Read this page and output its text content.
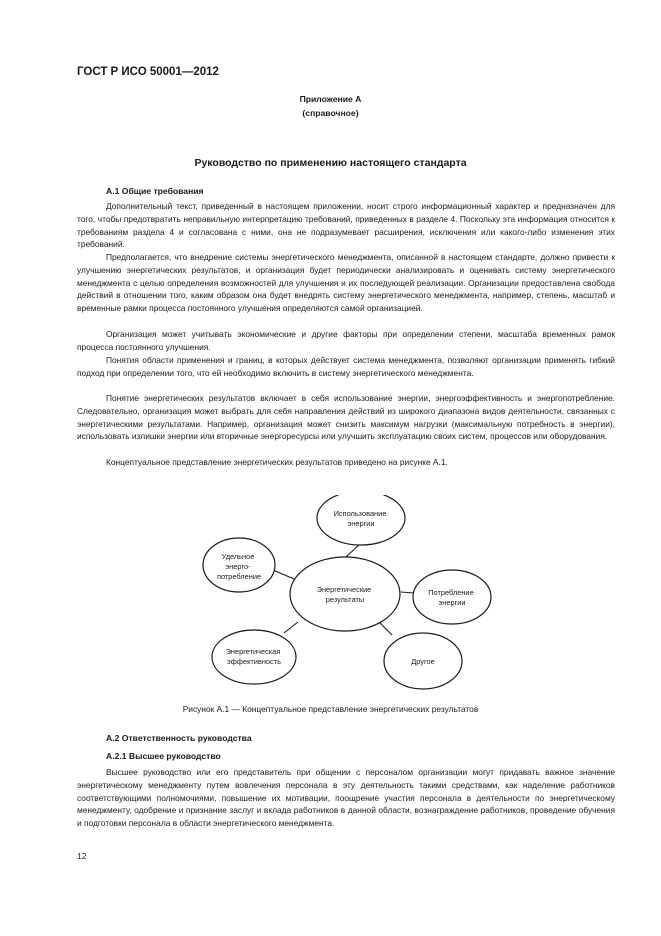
ГОСТ Р ИСО 50001—2012
Приложение А
(справочное)
Руководство по применению настоящего стандарта
А.1 Общие требования

Дополнительный текст, приведенный в настоящем приложении, носит строго информационный характер и предназначен для того, чтобы предотвратить неправильную интерпретацию требований, приведенных в разделе 4. Поскольку эта информация относится к требованиям раздела 4 и согласована с ними, она не подразумевает расширения, исключения или какого-либо изменения этих требований.

Предполагается, что внедрение системы энергетического менеджмента, описанной в настоящем стандарте, должно привести к улучшению энергетических результатов, и организация будет периодически анализировать и оценивать систему энергетического менеджмента с целью определения возможностей для улучшения и их последующей реализации. Организации предоставлена свобода действий в отношении того, каким образом она будет внедрять систему энергетического менеджмента, например, степень, масштаб и временные рамки процесса постоянного улучшения определяются самой организацией.

Организация может учитывать экономические и другие факторы при определении степени, масштаба временных рамок процесса постоянного улучшения.

Понятия области применения и границ, в которых действует система менеджмента, позволяют организации применять гибкий подход при определении того, что ей необходимо включить в систему энергетического менеджмента.

Понятие энергетических результатов включает в себя использование энергии, энергоэффективность и энергопотребление. Следовательно, организация может выбрать для себя направления действий из широкого диапазона видов деятельности, связанных с энергетическими результатами. Например, организация может снизить максимум нагрузки (максимальную потребность в энергии), использовать излишки энергии или вторичные энергоресурсы или улучшить эксплуатацию своих систем, процессов или оборудования.

Концептуальное представление энергетических результатов приведено на рисунке А.1.

Энергетические результаты
Использование энергии
Потребление энергии
Другое
Энергетическая эффективность
Удельное энерго- потребление
Рисунок А.1 — Концептуальное представление энергетических результатов
А.2 Ответственность руководства
А.2.1 Высшее руководство

Высшее руководство или его представитель при общении с персоналом организации могут придавать важное значение энергетическому менеджменту путем вовлечения персонала в эту деятельность такими средствами, как наделение работников соответствующими полномочиями, повышение их мотивации, поощрение участия персонала в деятельности по энергетическому менеджменту, одобрение и признание заслуг и вклада работников в данной области, вознаграждение работников, проведение обучения и подготовки персонала в области энергетического менеджмента.

12
